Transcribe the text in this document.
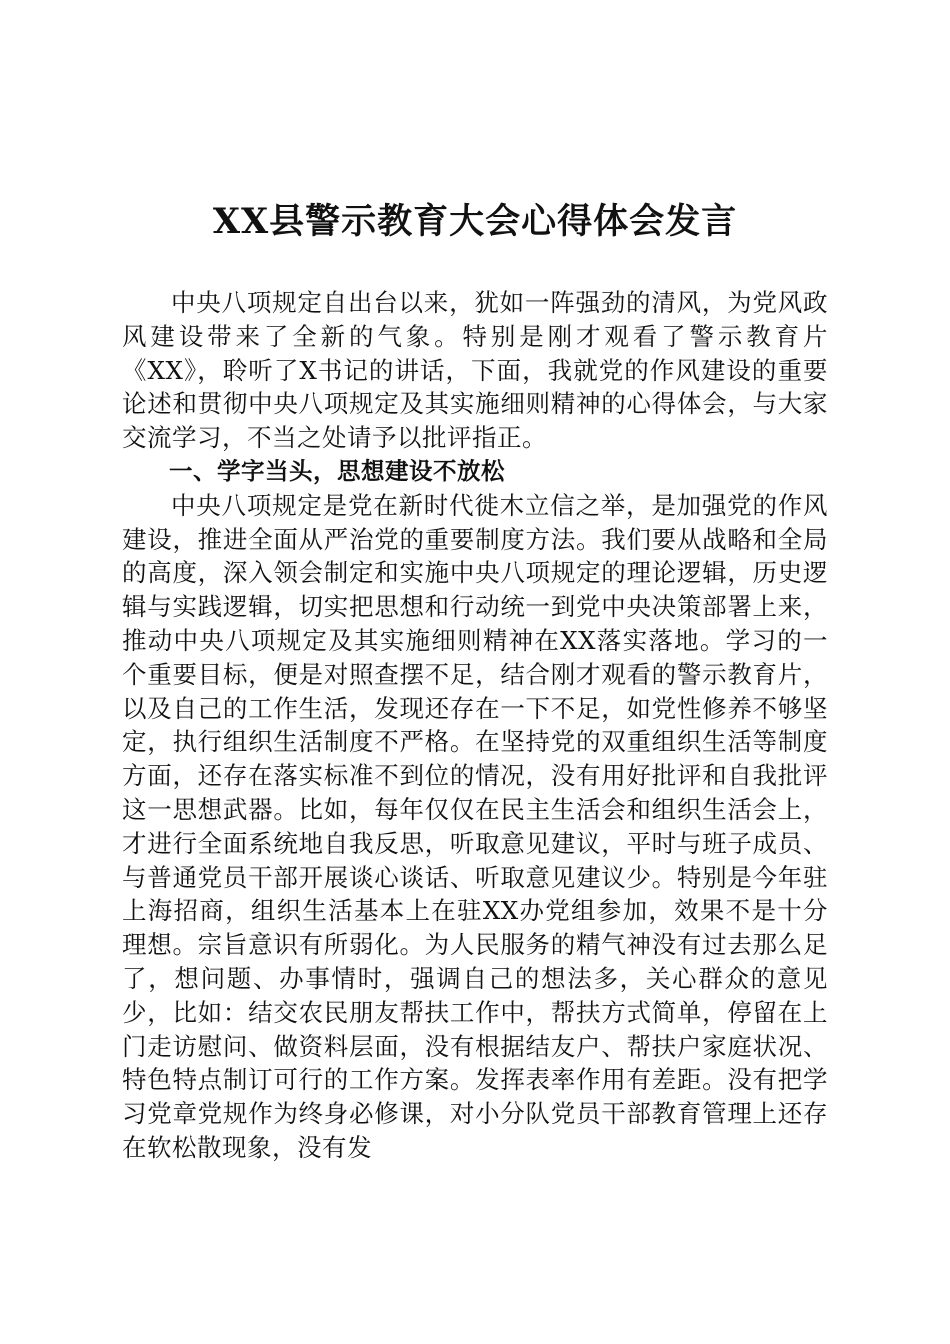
XX县警示教育大会心得体会发言

中央八项规定自出台以来，犹如一阵强劲的清风，为党风政风建设带来了全新的气象。特别是刚才观看了警示教育片《XX》，聆听了X书记的讲话，下面，我就党的作风建设的重要论述和贯彻中央八项规定及其实施细则精神的心得体会，与大家交流学习，不当之处请予以批评指正。

一、学字当头，思想建设不放松

中央八项规定是党在新时代徙木立信之举，是加强党的作风建设，推进全面从严治党的重要制度方法。我们要从战略和全局的高度，深入领会制定和实施中央八项规定的理论逻辑，历史逻辑与实践逻辑，切实把思想和行动统一到党中央决策部署上来，推动中央八项规定及其实施细则精神在XX落实落地。学习的一个重要目标，便是对照查摆不足，结合刚才观看的警示教育片，以及自己的工作生活，发现还存在一下不足，如党性修养不够坚定，执行组织生活制度不严格。在坚持党的双重组织生活等制度方面，还存在落实标准不到位的情况，没有用好批评和自我批评这一思想武器。比如，每年仅仅在民主生活会和组织生活会上，才进行全面系统地自我反思，听取意见建议，平时与班子成员、与普通党员干部开展谈心谈话、听取意见建议少。特别是今年驻上海招商，组织生活基本上在驻XX办党组参加，效果不是十分理想。宗旨意识有所弱化。为人民服务的精气神没有过去那么足了，想问题、办事情时，强调自己的想法多，关心群众的意见少，比如：结交农民朋友帮扶工作中，帮扶方式简单，停留在上门走访慰问、做资料层面，没有根据结友户、帮扶户家庭状况、特色特点制订可行的工作方案。发挥表率作用有差距。没有把学习党章党规作为终身必修课，对小分队党员干部教育管理上还存在软松散现象，没有发
